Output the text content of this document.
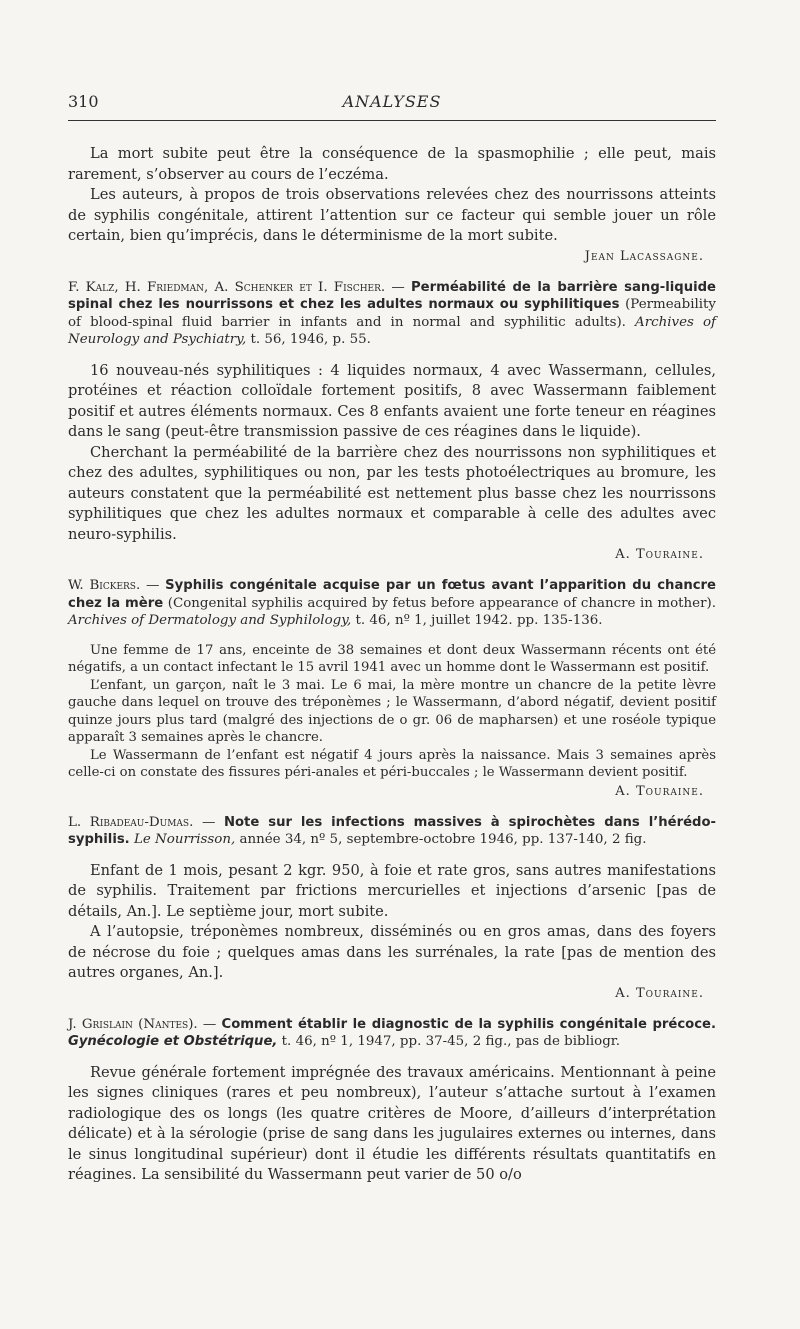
310	ANALYSES

La mort subite peut être la conséquence de la spasmophilie ; elle peut, mais rarement, s’observer au cours de l’eczéma.

Les auteurs, à propos de trois observations relevées chez des nourrissons atteints de syphilis congénitale, attirent l’attention sur ce facteur qui semble jouer un rôle certain, bien qu’imprécis, dans le déterminisme de la mort subite.

Jean Lacassagne.

F. Kalz, H. Friedman, A. Schenker et I. Fischer. — Perméabilité de la barrière sang-liquide spinal chez les nourrissons et chez les adultes normaux ou syphilitiques (Permeability of blood-spinal fluid barrier in infants and in normal and syphilitic adults). Archives of Neurology and Psychiatry, t. 56, 1946, p. 55.

16 nouveau-nés syphilitiques : 4 liquides normaux, 4 avec Wassermann, cellules, protéines et réaction colloïdale fortement positifs, 8 avec Wassermann faiblement positif et autres éléments normaux. Ces 8 enfants avaient une forte teneur en réagines dans le sang (peut-être transmission passive de ces réagines dans le liquide).

Cherchant la perméabilité de la barrière chez des nourrissons non syphilitiques et chez des adultes, syphilitiques ou non, par les tests photoélectriques au bromure, les auteurs constatent que la perméabilité est nettement plus basse chez les nourrissons syphilitiques que chez les adultes normaux et comparable à celle des adultes avec neuro-syphilis.

A. Touraine.

W. Bickers. — Syphilis congénitale acquise par un fœtus avant l’apparition du chancre chez la mère (Congenital syphilis acquired by fetus before appearance of chancre in mother). Archives of Dermatology and Syphilology, t. 46, nº 1, juillet 1942. pp. 135-136.

Une femme de 17 ans, enceinte de 38 semaines et dont deux Wassermann récents ont été négatifs, a un contact infectant le 15 avril 1941 avec un homme dont le Wassermann est positif.

L’enfant, un garçon, naît le 3 mai. Le 6 mai, la mère montre un chancre de la petite lèvre gauche dans lequel on trouve des tréponèmes ; le Wassermann, d’abord négatif, devient positif quinze jours plus tard (malgré des injections de o gr. 06 de mapharsen) et une roséole typique apparaît 3 semaines après le chancre.

Le Wassermann de l’enfant est négatif 4 jours après la naissance. Mais 3 semaines après celle-ci on constate des fissures péri-anales et péri-buccales ; le Wassermann devient positif.

A. Touraine.

L. Ribadeau-Dumas. — Note sur les infections massives à spirochètes dans l’hérédo-syphilis. Le Nourrisson, année 34, nº 5, septembre-octobre 1946, pp. 137-140, 2 fig.

Enfant de 1 mois, pesant 2 kgr. 950, à foie et rate gros, sans autres manifestations de syphilis. Traitement par frictions mercurielles et injections d’arsenic [pas de détails, An.]. Le septième jour, mort subite.

A l’autopsie, tréponèmes nombreux, disséminés ou en gros amas, dans des foyers de nécrose du foie ; quelques amas dans les surrénales, la rate [pas de mention des autres organes, An.].

A. Touraine.

J. Grislain (Nantes). — Comment établir le diagnostic de la syphilis congénitale précoce. Gynécologie et Obstétrique, t. 46, nº 1, 1947, pp. 37-45, 2 fig., pas de bibliogr.

Revue générale fortement imprégnée des travaux américains. Mentionnant à peine les signes cliniques (rares et peu nombreux), l’auteur s’attache surtout à l’examen radiologique des os longs (les quatre critères de Moore, d’ailleurs d’interprétation délicate) et à la sérologie (prise de sang dans les jugulaires externes ou internes, dans le sinus longitudinal supérieur) dont il étudie les différents résultats quantitatifs en réagines. La sensibilité du Wassermann peut varier de 50 o/o
